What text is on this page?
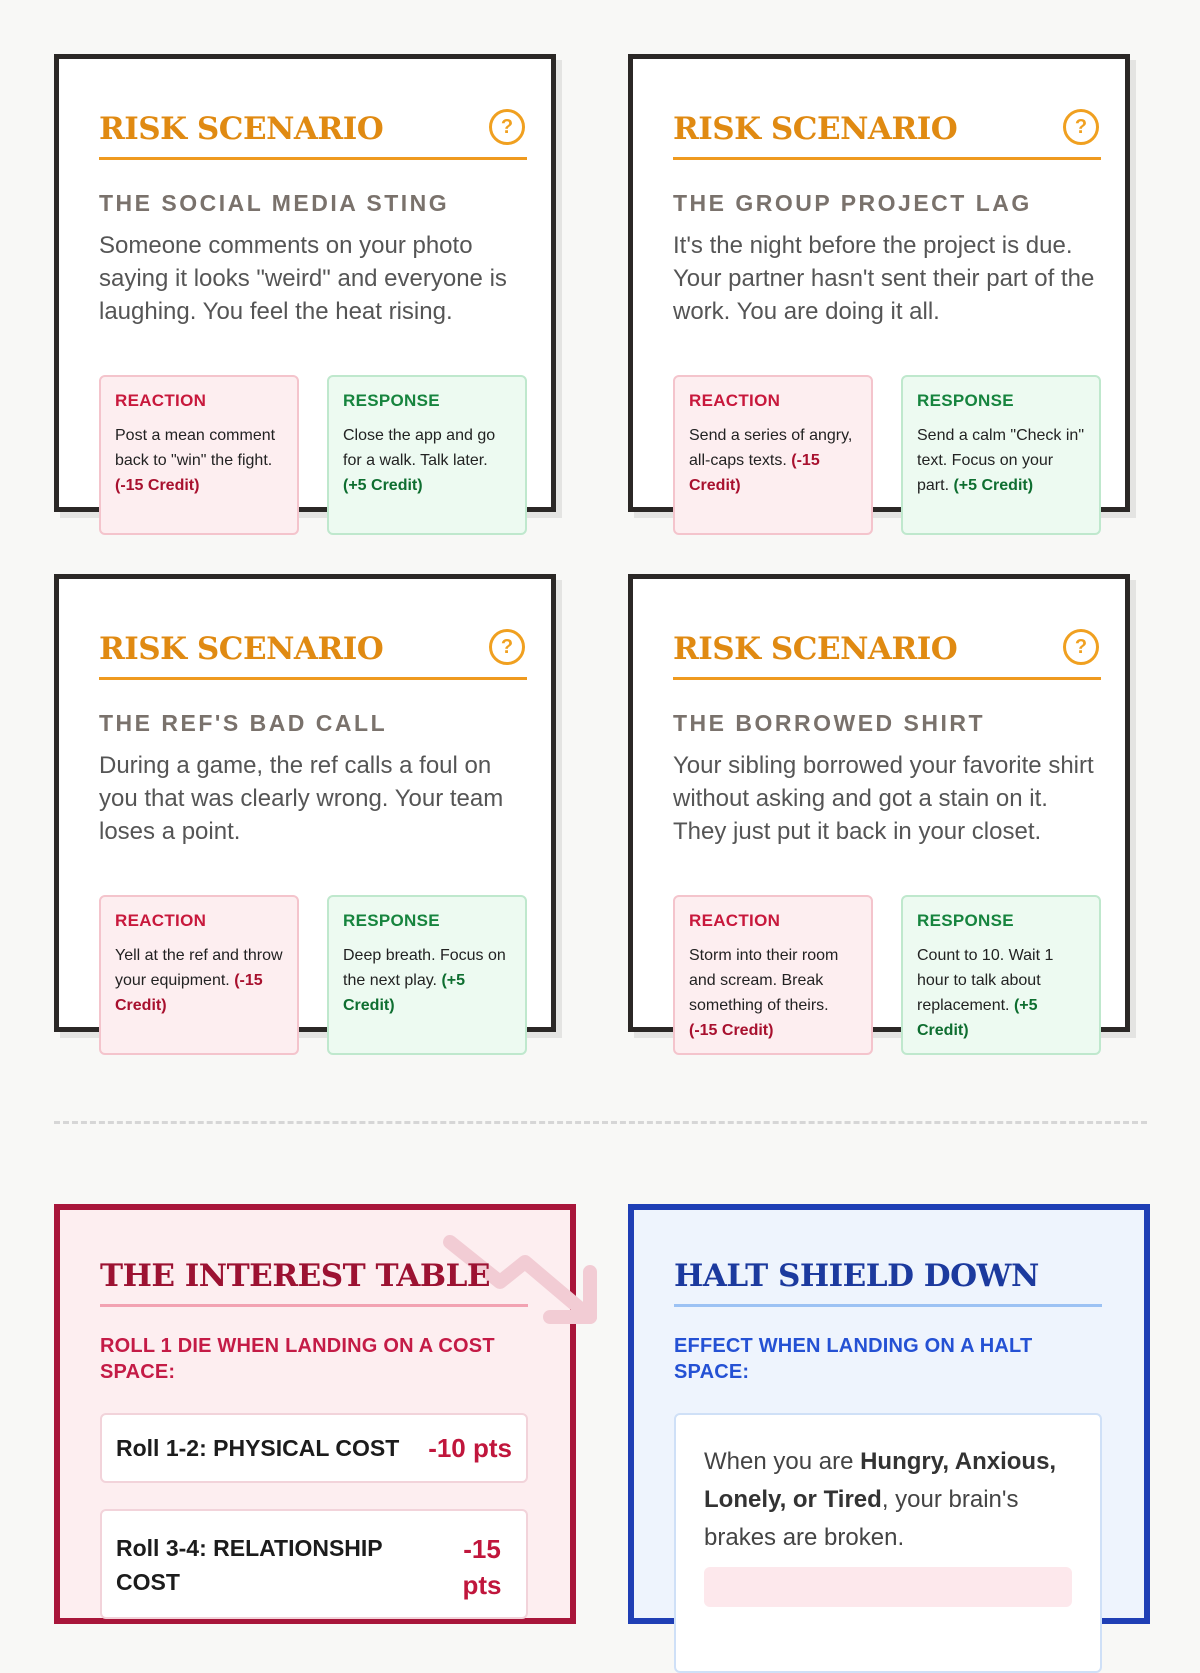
RISK SCENARIO	?
THE SOCIAL MEDIA STING
Someone comments on your photo saying it looks "weird" and everyone is laughing. You feel the heat rising.
REACTION
Post a mean comment back to "win" the fight. (-15 Credit)
RESPONSE
Close the app and go for a walk. Talk later. (+5 Credit)
RISK SCENARIO	?
THE GROUP PROJECT LAG
It's the night before the project is due. Your partner hasn't sent their part of the work. You are doing it all.
REACTION
Send a series of angry, all-caps texts. (-15 Credit)
RESPONSE
Send a calm "Check in" text. Focus on your part. (+5 Credit)
RISK SCENARIO	?
THE REF'S BAD CALL
During a game, the ref calls a foul on you that was clearly wrong. Your team loses a point.
REACTION
Yell at the ref and throw your equipment. (-15 Credit)
RESPONSE
Deep breath. Focus on the next play. (+5 Credit)
RISK SCENARIO	?
THE BORROWED SHIRT
Your sibling borrowed your favorite shirt without asking and got a stain on it. They just put it back in your closet.
REACTION
Storm into their room and scream. Break something of theirs. (-15 Credit)
RESPONSE
Count to 10. Wait 1 hour to talk about replacement. (+5 Credit)
THE INTEREST TABLE
ROLL 1 DIE WHEN LANDING ON A COST SPACE:
Roll 1-2: PHYSICAL COST -10 pts
Roll 3-4: RELATIONSHIP COST
-15 pts
HALT SHIELD DOWN
EFFECT WHEN LANDING ON A HALT SPACE:
When you are Hungry, Anxious, Lonely, or Tired, your brain's brakes are broken.
